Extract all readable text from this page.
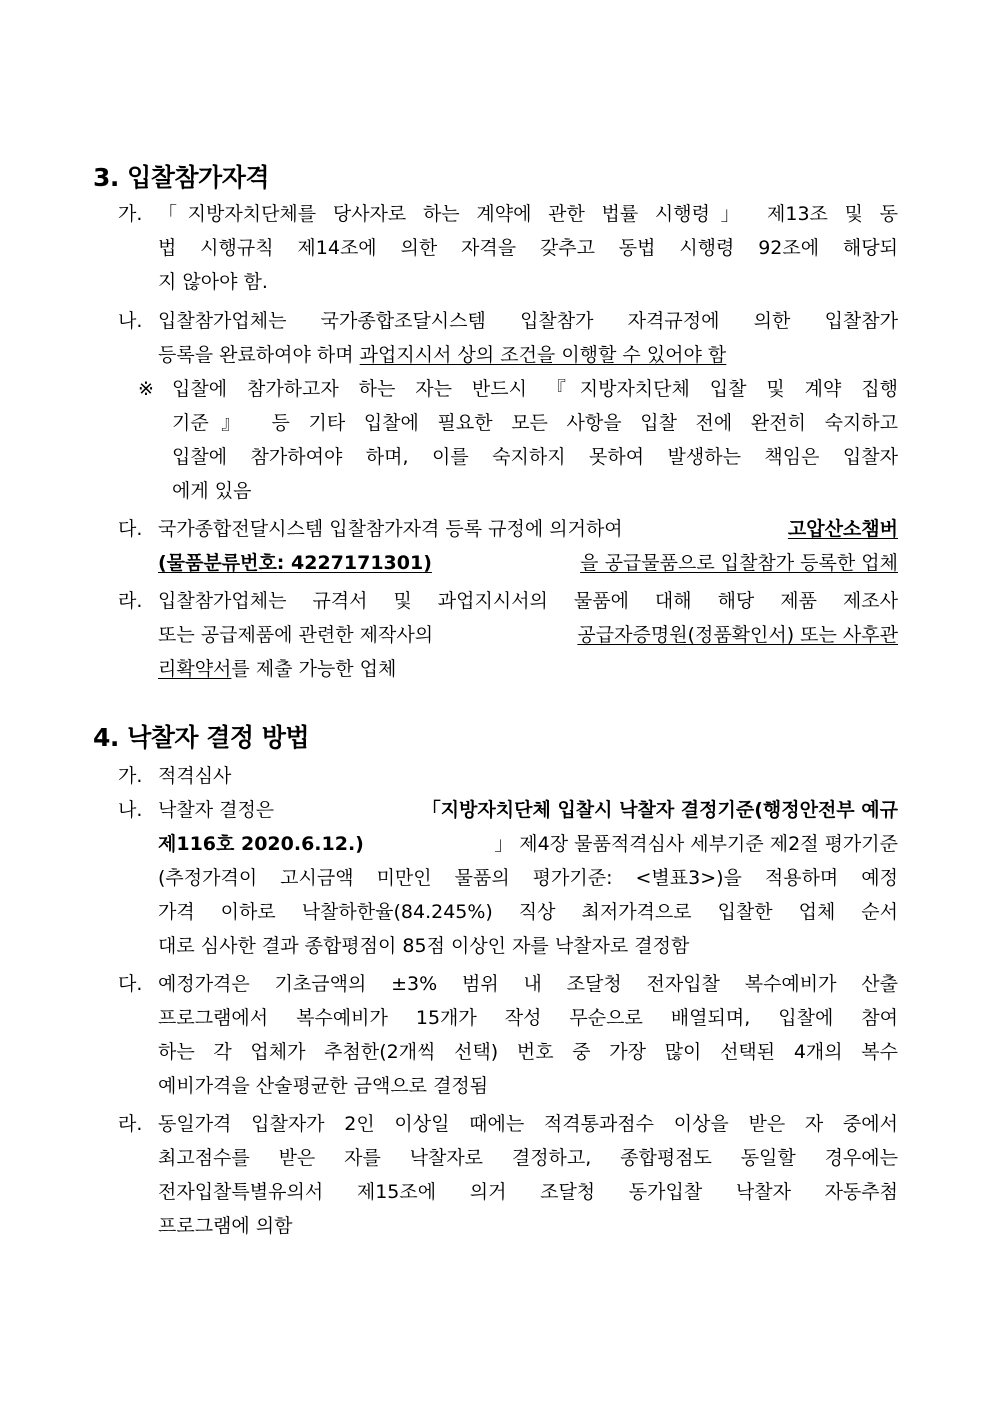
3. 입찰참가자격
가. 「지방자치단체를 당사자로 하는 계약에 관한 법률 시행령」 제13조 및 동
법 시행규칙 제14조에 의한 자격을 갖추고 동법 시행령 92조에 해당되
지 않아야 함.
나. 입찰참가업체는 국가종합조달시스템 입찰참가 자격규정에 의한 입찰참가
등록을 완료하여야 하며 과업지시서 상의 조건을 이행할 수 있어야 함
※ 입찰에 참가하고자 하는 자는 반드시 『지방자치단체 입찰 및 계약 집행
기준』 등 기타 입찰에 필요한 모든 사항을 입찰 전에 완전히 숙지하고
입찰에 참가하여야 하며, 이를 숙지하지 못하여 발생하는 책임은 입찰자
에게 있음
다. 국가종합전달시스템 입찰참가자격 등록 규정에 의거하여	고압산소챔버
(물품분류번호: 4227171301)	을 공급물품으로 입찰참가 등록한 업체
라. 입찰참가업체는 규격서 및 과업지시서의 물품에 대해 해당 제품 제조사
또는 공급제품에 관련한 제작사의	공급자증명원(정품확인서) 또는 사후관
리확약서를 제출 가능한 업체
4. 낙찰자 결정 방법
가. 적격심사
나. 낙찰자 결정은	「지방자치단체 입찰시 낙찰자 결정기준(행정안전부 예규
제116호 2020.6.12.)	」 제4장 물품적격심사 세부기준 제2절 평가기준
(추정가격이 고시금액 미만인 물품의 평가기준: <별표3>)을 적용하며 예정
가격 이하로 낙찰하한율(84.245%) 직상 최저가격으로 입찰한 업체 순서
대로 심사한 결과 종합평점이 85점 이상인 자를 낙찰자로 결정함
다. 예정가격은 기초금액의 ±3% 범위 내 조달청 전자입찰 복수예비가 산출
프로그램에서 복수예비가 15개가 작성 무순으로 배열되며, 입찰에 참여
하는 각 업체가 추첨한(2개씩 선택) 번호 중 가장 많이 선택된 4개의 복수
예비가격을 산술평균한 금액으로 결정됨
라. 동일가격 입찰자가 2인 이상일 때에는 적격통과점수 이상을 받은 자 중에서
최고점수를 받은 자를 낙찰자로 결정하고, 종합평점도 동일할 경우에는
전자입찰특별유의서 제15조에 의거 조달청 동가입찰 낙찰자 자동추첨
프로그램에 의함
